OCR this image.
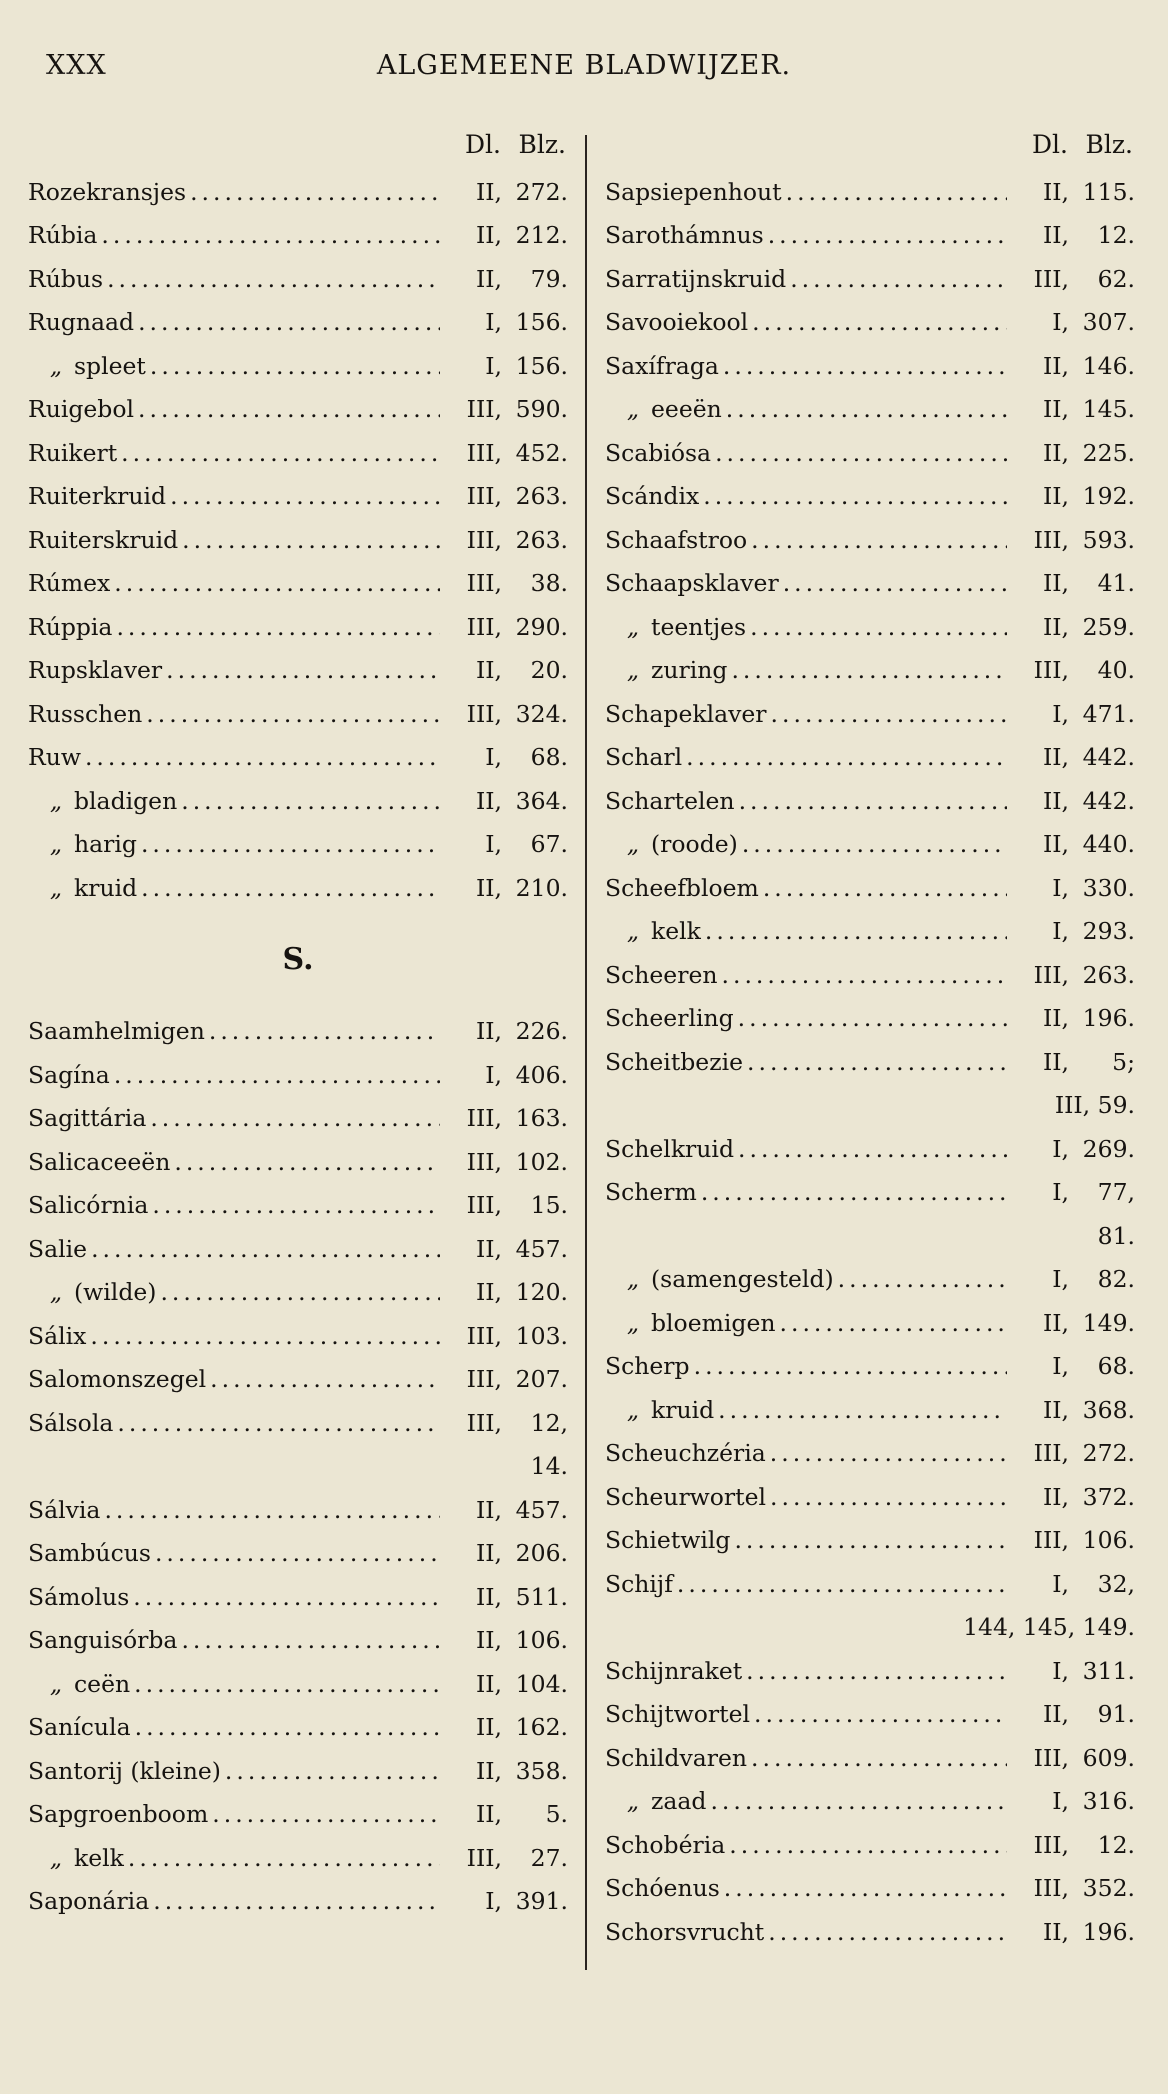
XXX	ALGEMEENE BLADWIJZER.
Dl. Blz.
Rozekransjes .....	II, 272.
Rúbia .....	II, 212.
Rúbus .....	II,	79.
Rugnaad .....	I, 156.
„ spleet .....	I, 156.
Ruigebol .....	III, 590.
Ruikert .....	III, 452.
Ruiterkruid .....	III, 263.
Ruiterskruid .....	III, 263.
Rúmex .....	III,	38.
Rúppia .....	III, 290.
Rupsklaver .....	II,	20.
Russchen .....	III, 324.
Ruw .....	I,	68.
„ bladigen .....	II, 364.
„ harig .....	I,	67.
„ kruid .....	II, 210.
S.
Saamhelmigen .....	II, 226.
Sagína .....	I, 406.
Sagittária .....	III, 163.
Salicaceeën .....	III, 102.
Salicórnia .....	III,	15.
Salie .....	II, 457.
„ (wilde) .....	II, 120.
Sálix .....	III, 103.
Salomonszegel .....	III, 207.
Sálsola .....	III,	12,
14.
Sálvia .....	II, 457.
Sambúcus .....	II, 206.
Sámolus .....	II, 511.
Sanguisórba .....	II, 106.
„ ceën .....	II, 104.
Sanícula .....	II, 162.
Santorij (kleine) .....	II, 358.
Sapgroenboom .....	II,	5.
„ kelk .....	III,	27.
Saponária .....	I, 391.
Dl. Blz.
Sapsiepenhout .....	II, 115.
Sarothámnus .....	II,	12.
Sarratijnskruid .....	III,	62.
Savooiekool .....	I, 307.
Saxífraga .....	II, 146.
„ eeeën .....	II, 145.
Scabiósa .....	II, 225.
Scándix .....	II, 192.
Schaafstroo .....	III, 593.
Schaapsklaver .....	II,	41.
„ teentjes .....	II, 259.
„ zuring .....	III,	40.
Schapeklaver .....	I, 471.
Scharl .....	II, 442.
Schartelen .....	II, 442.
„ (roode) .....	II, 440.
Scheefbloem .....	I, 330.
„ kelk .....	I, 293.
Scheeren .....	III, 263.
Scheerling .....	II, 196.
Scheitbezie .....	II,	5;
III, 59.
Schelkruid .....	I, 269.
Scherm .....	I,	77,
81.
„ (samengesteld) .....	I,	82.
„ bloemigen .....	II, 149.
Scherp .....	I,	68.
„ kruid .....	II, 368.
Scheuchzéria .....	III, 272.
Scheurwortel .....	II, 372.
Schietwilg .....	III, 106.
Schijf .....	I,	32,
144, 145, 149.
Schijnraket .....	I, 311.
Schijtwortel .....	II,	91.
Schildvaren .....	III, 609.
„ zaad .....	I, 316.
Schobéria .....	III,	12.
Schóenus .....	III, 352.
Schorsvrucht .....	II, 196.
